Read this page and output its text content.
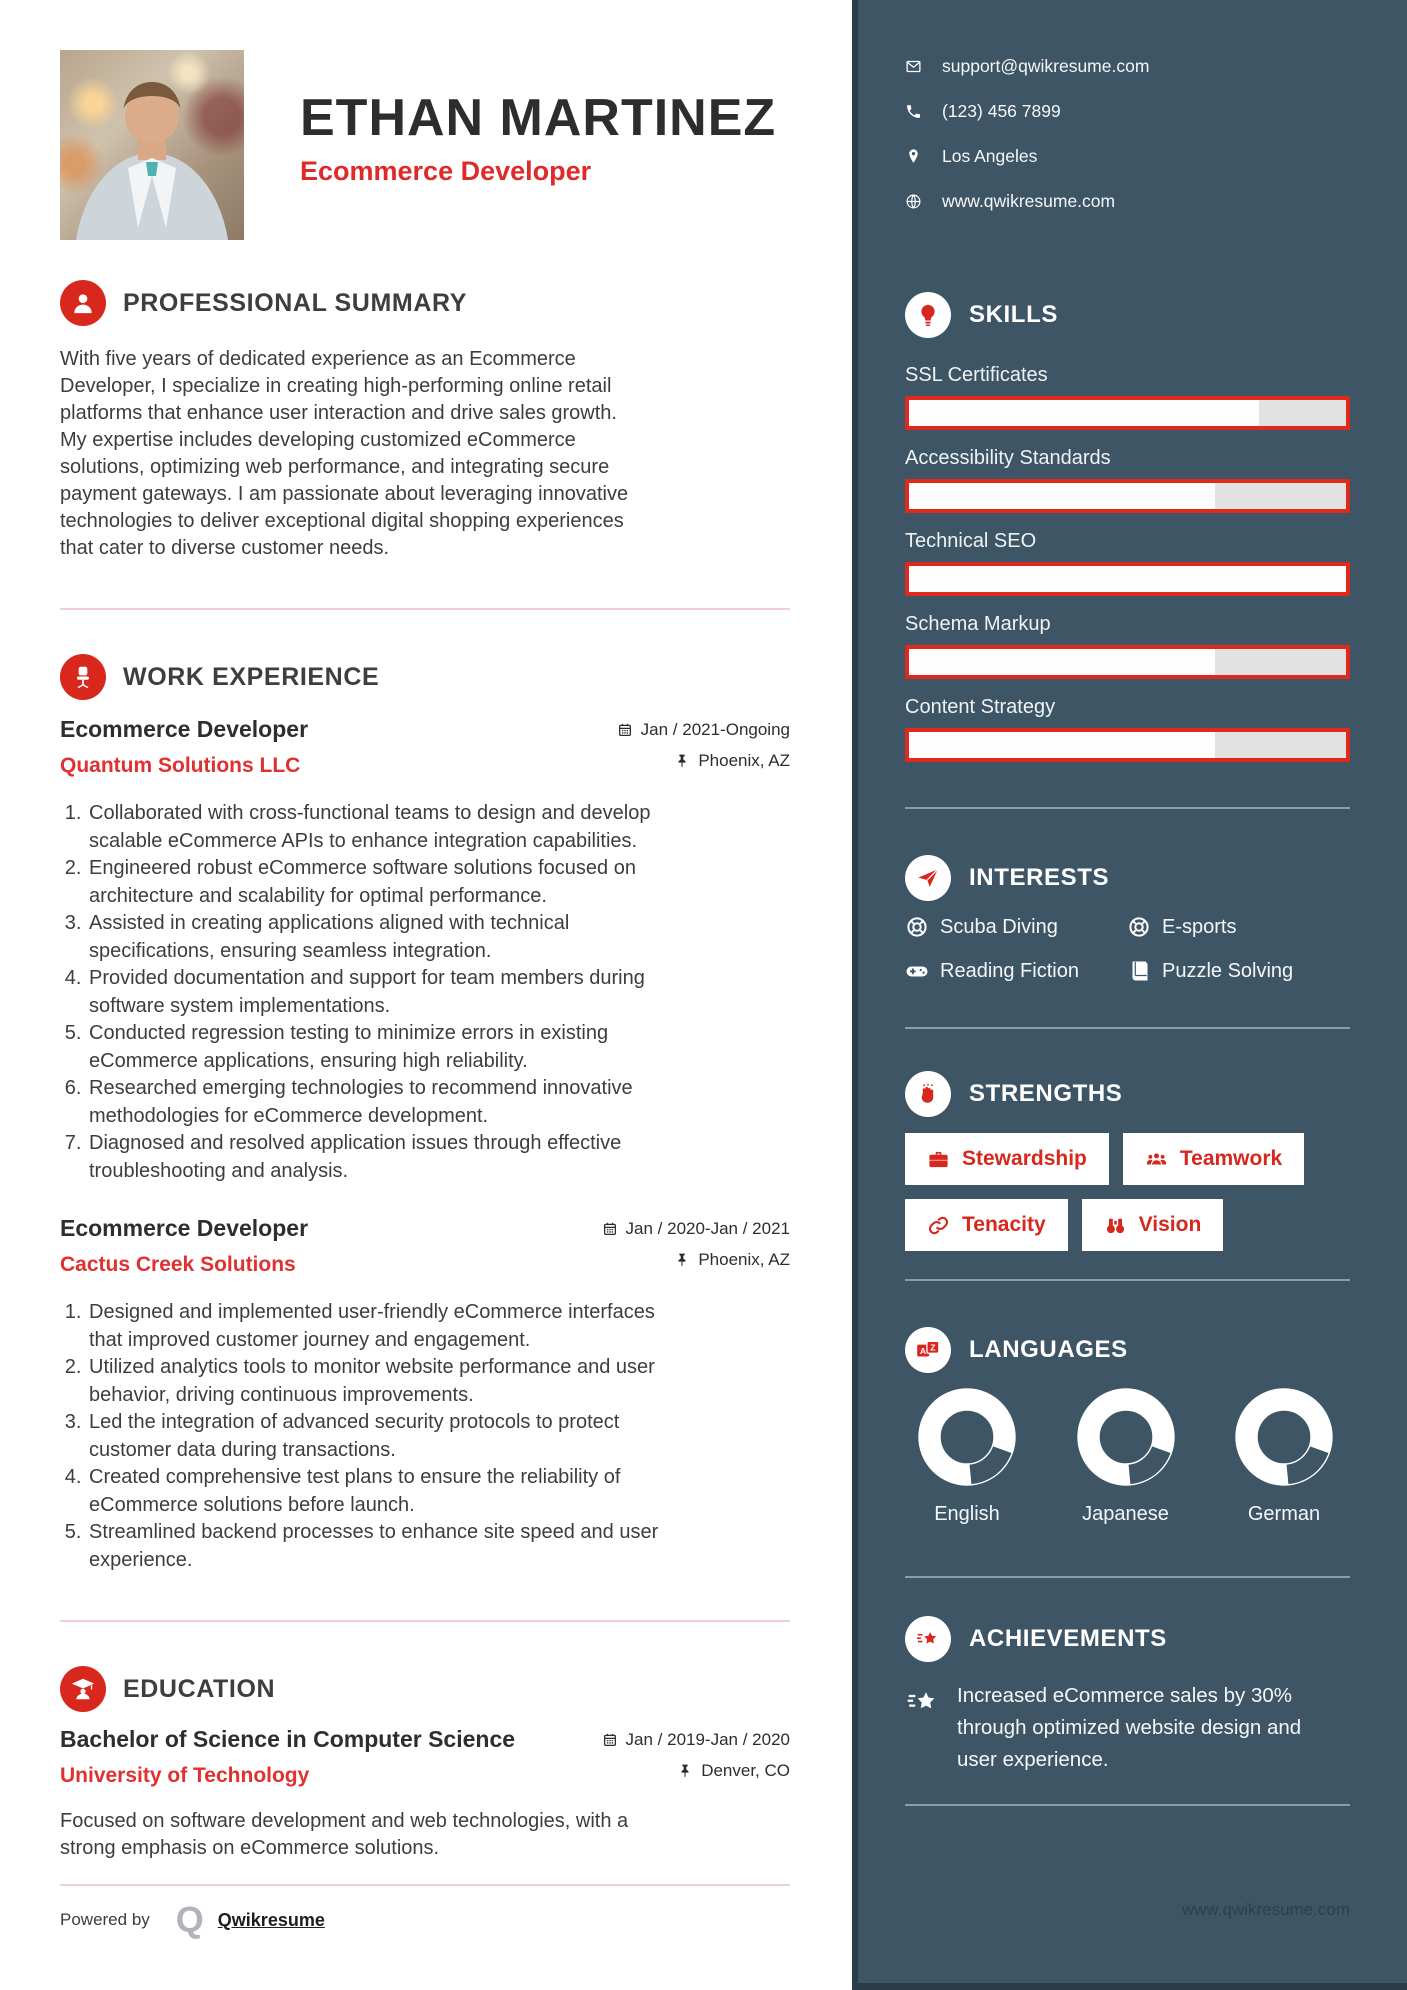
ETHAN MARTINEZ
Ecommerce Developer
PROFESSIONAL SUMMARY
With five years of dedicated experience as an Ecommerce Developer, I specialize in creating high-performing online retail platforms that enhance user interaction and drive sales growth. My expertise includes developing customized eCommerce solutions, optimizing web performance, and integrating secure payment gateways. I am passionate about leveraging innovative technologies to deliver exceptional digital shopping experiences that cater to diverse customer needs.
WORK EXPERIENCE
Ecommerce Developer
Quantum Solutions LLC
Jan / 2021-Ongoing
Phoenix, AZ
1. Collaborated with cross-functional teams to design and develop scalable eCommerce APIs to enhance integration capabilities.
2. Engineered robust eCommerce software solutions focused on architecture and scalability for optimal performance.
3. Assisted in creating applications aligned with technical specifications, ensuring seamless integration.
4. Provided documentation and support for team members during software system implementations.
5. Conducted regression testing to minimize errors in existing eCommerce applications, ensuring high reliability.
6. Researched emerging technologies to recommend innovative methodologies for eCommerce development.
7. Diagnosed and resolved application issues through effective troubleshooting and analysis.
Ecommerce Developer
Cactus Creek Solutions
Jan / 2020-Jan / 2021
Phoenix, AZ
1. Designed and implemented user-friendly eCommerce interfaces that improved customer journey and engagement.
2. Utilized analytics tools to monitor website performance and user behavior, driving continuous improvements.
3. Led the integration of advanced security protocols to protect customer data during transactions.
4. Created comprehensive test plans to ensure the reliability of eCommerce solutions before launch.
5. Streamlined backend processes to enhance site speed and user experience.
EDUCATION
Bachelor of Science in Computer Science
University of Technology
Jan / 2019-Jan / 2020
Denver, CO
Focused on software development and web technologies, with a strong emphasis on eCommerce solutions.
Powered by Q Qwikresume
support@qwikresume.com
(123) 456 7899
Los Angeles
www.qwikresume.com
SKILLS
SSL Certificates
Accessibility Standards
Technical SEO
Schema Markup
Content Strategy
INTERESTS
Scuba Diving	E-sports
Reading Fiction	Puzzle Solving
STRENGTHS
Stewardship	Teamwork
Tenacity	Vision
A Z LANGUAGES
English	Japanese	German
ACHIEVEMENTS
Increased eCommerce sales by 30% through optimized website design and user experience.
www.qwikresume.com
